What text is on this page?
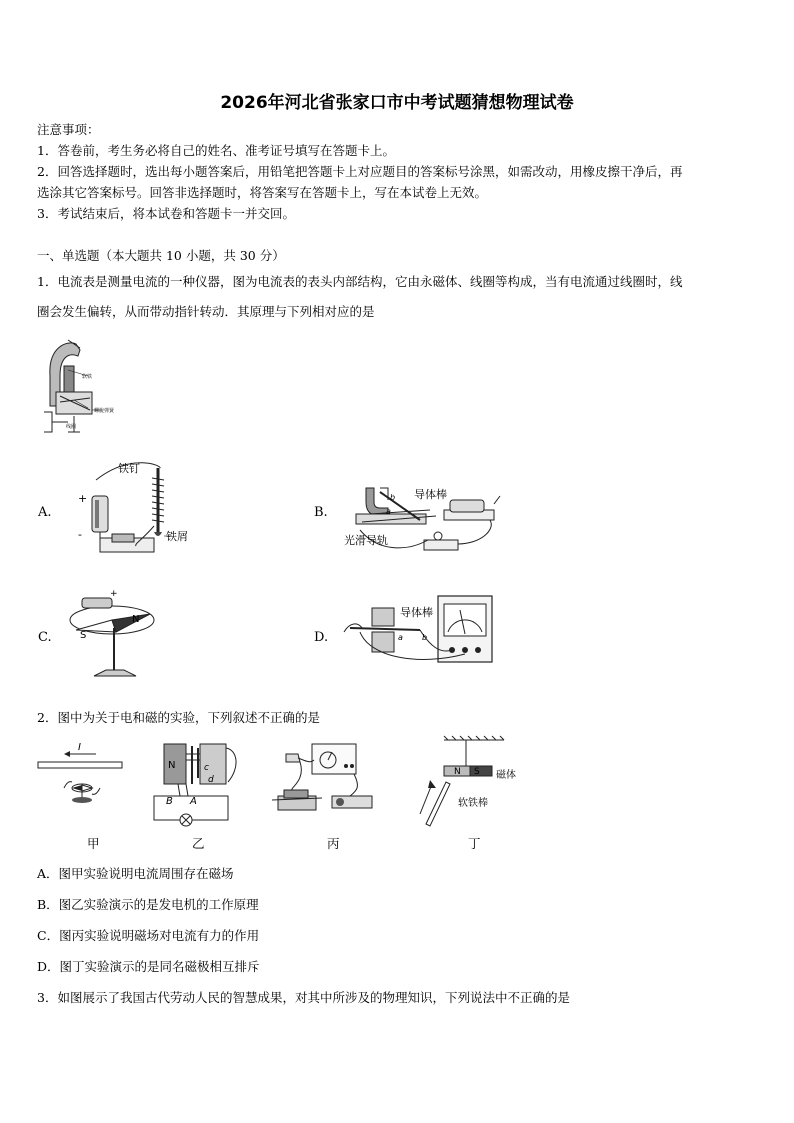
2026年河北省张家口市中考试题猜想物理试卷
注意事项：
1．答卷前，考生务必将自己的姓名、准考证号填写在答题卡上。
2．回答选择题时，选出每小题答案后，用铅笔把答题卡上对应题目的答案标号涂黑，如需改动，用橡皮擦干净后，再
选涂其它答案标号。回答非选择题时，将答案写在答题卡上，写在本试卷上无效。
3．考试结束后，将本试卷和答题卡一并交回。
一、单选题（本大题共 10 小题，共 30 分）
1．电流表是测量电流的一种仪器，图为电流表的表头内部结构，它由永磁体、线圈等构成，当有电流通过线圈时，线
圈会发生偏转，从而带动指针转动．其原理与下列相对应的是
软铁
线圈
螺旋弹簧
A.
铁钉
铁屑
+
-
B.
导体棒
光滑导轨
a
b
C.	S
N
+
D.
导体棒
a b
2．图中为关于电和磁的实验，下列叙述不正确的是
I
N	c
d
B A
N S 磁体
软铁棒
甲	乙	丙	丁
A．图甲实验说明电流周围存在磁场
B．图乙实验演示的是发电机的工作原理
C．图丙实验说明磁场对电流有力的作用
D．图丁实验演示的是同名磁极相互排斥
3．如图展示了我国古代劳动人民的智慧成果，对其中所涉及的物理知识，下列说法中不正确的是
